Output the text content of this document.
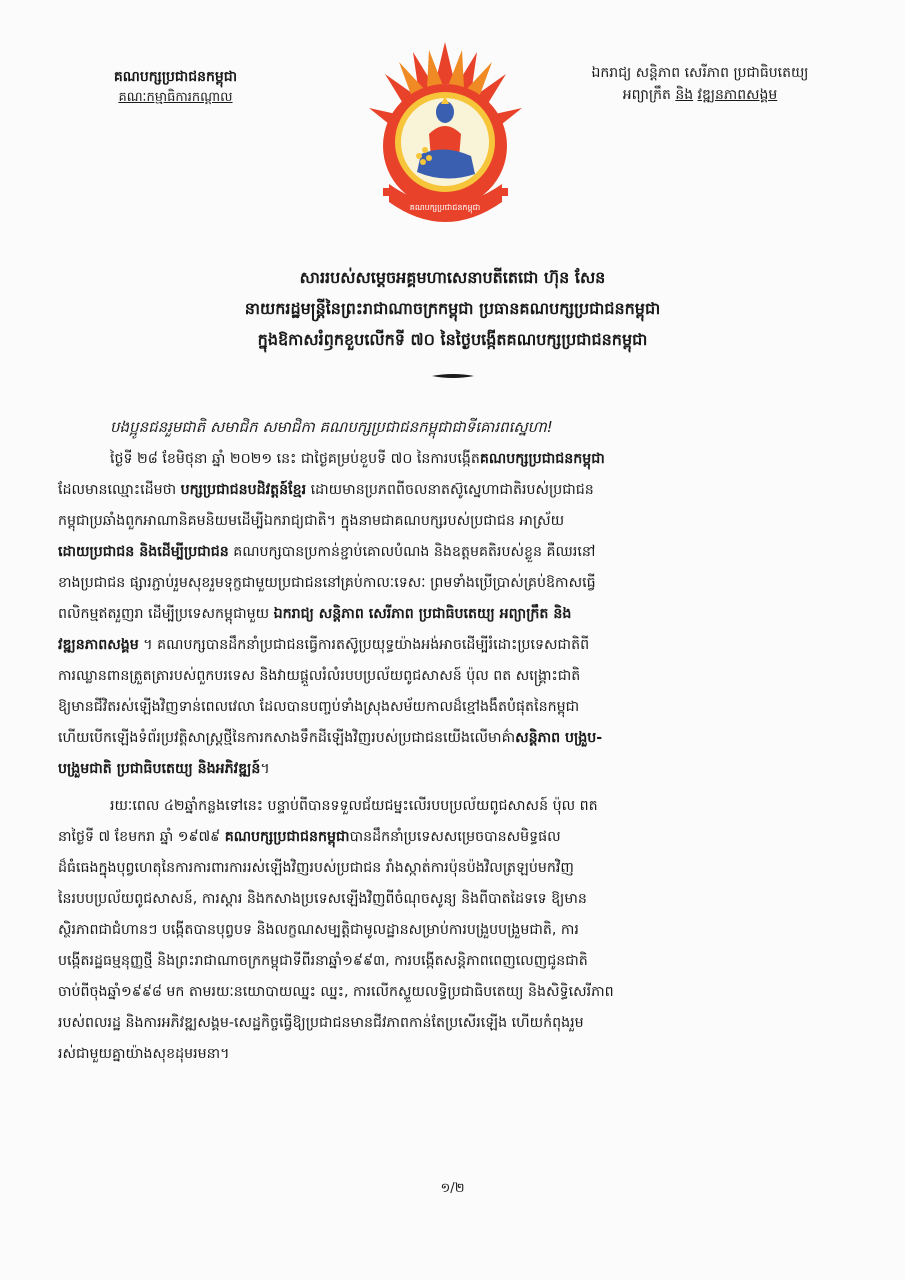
គណបក្សប្រជាជនកម្ពុជា
គណៈកម្មាធិការកណ្តាល
គណបក្សប្រជាជនកម្ពុជា
ឯករាជ្យ សន្តិភាព សេរីភាព ប្រជាធិបតេយ្យ
អព្យាក្រឹត និង វឌ្ឍនភាពសង្គម
សាររបស់សម្តេចអគ្គមហាសេនាបតីតេជោ ហ៊ុន សែន
នាយករដ្ឋមន្ត្រីនៃព្រះរាជាណាចក្រកម្ពុជា ប្រធានគណបក្សប្រជាជនកម្ពុជា
ក្នុងឱកាសរំឭកខួបលើកទី ៧០ នៃថ្ងៃបង្កើតគណបក្សប្រជាជនកម្ពុជា
បងប្អូនជនរួមជាតិ សមាជិក សមាជិកា គណបក្សប្រជាជនកម្ពុជាជាទីគោរពស្នេហា!
ថ្ងៃទី ២៨ ខែមិថុនា ឆ្នាំ ២០២១ នេះ ជាថ្ងៃគម្រប់ខួបទី ៧០ នៃការបង្កើតគណបក្សប្រជាជនកម្ពុជា
ដែលមានឈ្មោះដើមថា បក្សប្រជាជនបដិវត្តន៍ខ្មែរ ដោយមានប្រភពពីចលនាតស៊ូស្នេហាជាតិរបស់ប្រជាជន
កម្ពុជាប្រឆាំងពួកអាណានិគមនិយមដើម្បីឯករាជ្យជាតិ។ ក្នុងនាមជាគណបក្សរបស់ប្រជាជន អាស្រ័យ
ដោយប្រជាជន និងដើម្បីប្រជាជន គណបក្សបានប្រកាន់ខ្ជាប់គោលបំណង និងឧត្តមគតិរបស់ខ្លួន គឺឈរនៅ
ខាងប្រជាជន ផ្សារភ្ជាប់រួមសុខរួមទុក្ខជាមួយប្រជាជននៅគ្រប់កាលៈទេសៈ ព្រមទាំងប្រើប្រាស់គ្រប់ឱកាសធ្វើ
ពលិកម្មឥតរួញរា ដើម្បីប្រទេសកម្ពុជាមួយ ឯករាជ្យ សន្តិភាព សេរីភាព ប្រជាធិបតេយ្យ អព្យាក្រឹត និង
វឌ្ឍនភាពសង្គម ។ គណបក្សបានដឹកនាំប្រជាជនធ្វើការតស៊ូប្រយុទ្ធយ៉ាងអង់អាចដើម្បីរំដោះប្រទេសជាតិពី
ការឈ្លានពានត្រួតត្រារបស់ពួកបរទេស និងវាយផ្តួលរំលំរបបប្រល័យពូជសាសន៍ ប៉ុល ពត សង្គ្រោះជាតិ
ឱ្យមានជីវិតរស់ឡើងវិញទាន់ពេលវេលា ដែលបានបញ្ចប់ទាំងស្រុងសម័យកាលដ៏ខ្មៅងងឹតបំផុតនៃកម្ពុជា
ហើយបើកឡើងទំព័រប្រវត្តិសាស្ត្រថ្មីនៃការកសាងទឹកដីឡើងវិញរបស់ប្រជាជនយើងលើមាគ៌ាសន្តិភាព បង្រួប-
បង្រួមជាតិ ប្រជាធិបតេយ្យ និងអភិវឌ្ឍន៍។
រយៈពេល ៤២ឆ្នាំកន្លងទៅនេះ បន្ទាប់ពីបានទទួលជ័យជម្នះលើរបបប្រល័យពូជសាសន៍ ប៉ុល ពត
នាថ្ងៃទី ៧ ខែមករា ឆ្នាំ ១៩៧៩ គណបក្សប្រជាជនកម្ពុជាបានដឹកនាំប្រទេសសម្រេចបានសមិទ្ធផល
ដ៏ធំធេងក្នុងបុព្វហេតុនៃការការពារការរស់ឡើងវិញរបស់ប្រជាជន រាំងស្កាត់ការប៉ុនប៉ងវិលត្រឡប់មកវិញ
នៃរបបប្រល័យពូជសាសន៍, ការស្តារ និងកសាងប្រទេសឡើងវិញពីចំណុចសូន្យ និងពីបាតដៃទទេ ឱ្យមាន
ស្ថិរភាពជាជំហានៗ បង្កើតបានបុព្វបទ និងលក្ខណសម្បត្តិជាមូលដ្ឋានសម្រាប់ការបង្រួបបង្រួមជាតិ, ការ
បង្កើតរដ្ឋធម្មនុញ្ញថ្មី និងព្រះរាជាណាចក្រកម្ពុជាទីពីរនាឆ្នាំ១៩៩៣, ការបង្កើតសន្តិភាពពេញលេញជូនជាតិ
ចាប់ពីចុងឆ្នាំ១៩៩៨ មក តាមរយៈនយោបាយឈ្នះ ឈ្នះ, ការលើកស្ទួយលទ្ធិប្រជាធិបតេយ្យ និងសិទ្ធិសេរីភាព
របស់ពលរដ្ឋ និងការអភិវឌ្ឍសង្គម-សេដ្ឋកិច្ចធ្វើឱ្យប្រជាជនមានជីវភាពកាន់តែប្រសើរឡើង ហើយកំពុងរួម
រស់ជាមួយគ្នាយ៉ាងសុខដុមរមនា។
១/២
